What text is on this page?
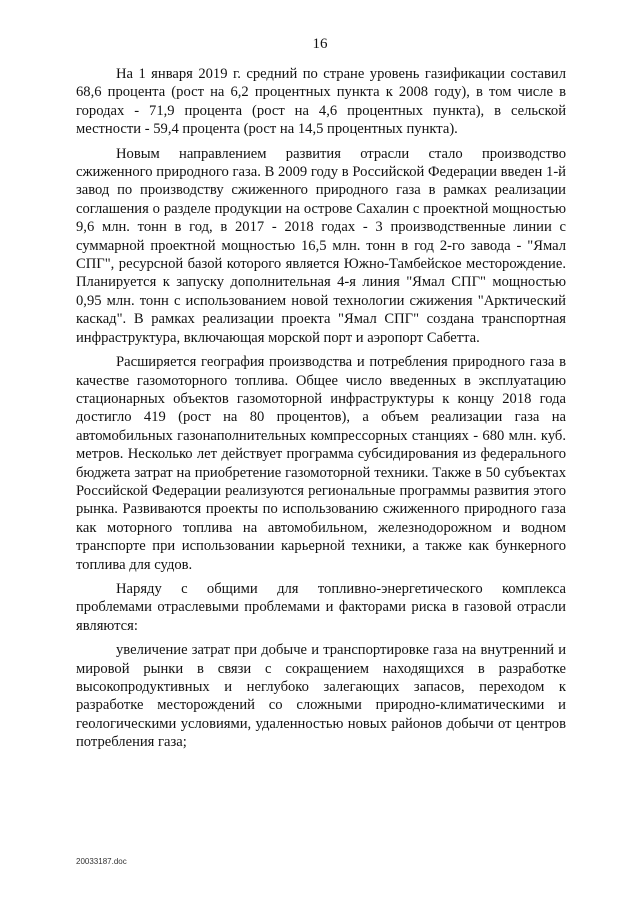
16

На 1 января 2019 г. средний по стране уровень газификации составил 68,6 процента (рост на 6,2 процентных пункта к 2008 году), в том числе в городах - 71,9 процента (рост на 4,6 процентных пункта), в сельской местности - 59,4 процента (рост на 14,5 процентных пункта).

Новым направлением развития отрасли стало производство сжиженного природного газа. В 2009 году в Российской Федерации введен 1-й завод по производству сжиженного природного газа в рамках реализации соглашения о разделе продукции на острове Сахалин с проектной мощностью 9,6 млн. тонн в год, в 2017 - 2018 годах - 3 производственные линии с суммарной проектной мощностью 16,5 млн. тонн в год 2-го завода - "Ямал СПГ", ресурсной базой которого является Южно-Тамбейское месторождение. Планируется к запуску дополнительная 4-я линия "Ямал СПГ" мощностью 0,95 млн. тонн с использованием новой технологии сжижения "Арктический каскад". В рамках реализации проекта "Ямал СПГ" создана транспортная инфраструктура, включающая морской порт и аэропорт Сабетта.

Расширяется география производства и потребления природного газа в качестве газомоторного топлива. Общее число введенных в эксплуатацию стационарных объектов газомоторной инфраструктуры к концу 2018 года достигло 419 (рост на 80 процентов), а объем реализации газа на автомобильных газонаполнительных компрессорных станциях - 680 млн. куб. метров. Несколько лет действует программа субсидирования из федерального бюджета затрат на приобретение газомоторной техники. Также в 50 субъектах Российской Федерации реализуются региональные программы развития этого рынка. Развиваются проекты по использованию сжиженного природного газа как моторного топлива на автомобильном, железнодорожном и водном транспорте при использовании карьерной техники, а также как бункерного топлива для судов.

Наряду с общими для топливно-энергетического комплекса проблемами отраслевыми проблемами и факторами риска в газовой отрасли являются:

увеличение затрат при добыче и транспортировке газа на внутренний и мировой рынки в связи с сокращением находящихся в разработке высокопродуктивных и неглубоко залегающих запасов, переходом к разработке месторождений со сложными природно-климатическими и геологическими условиями, удаленностью новых районов добычи от центров потребления газа;

20033187.doc
